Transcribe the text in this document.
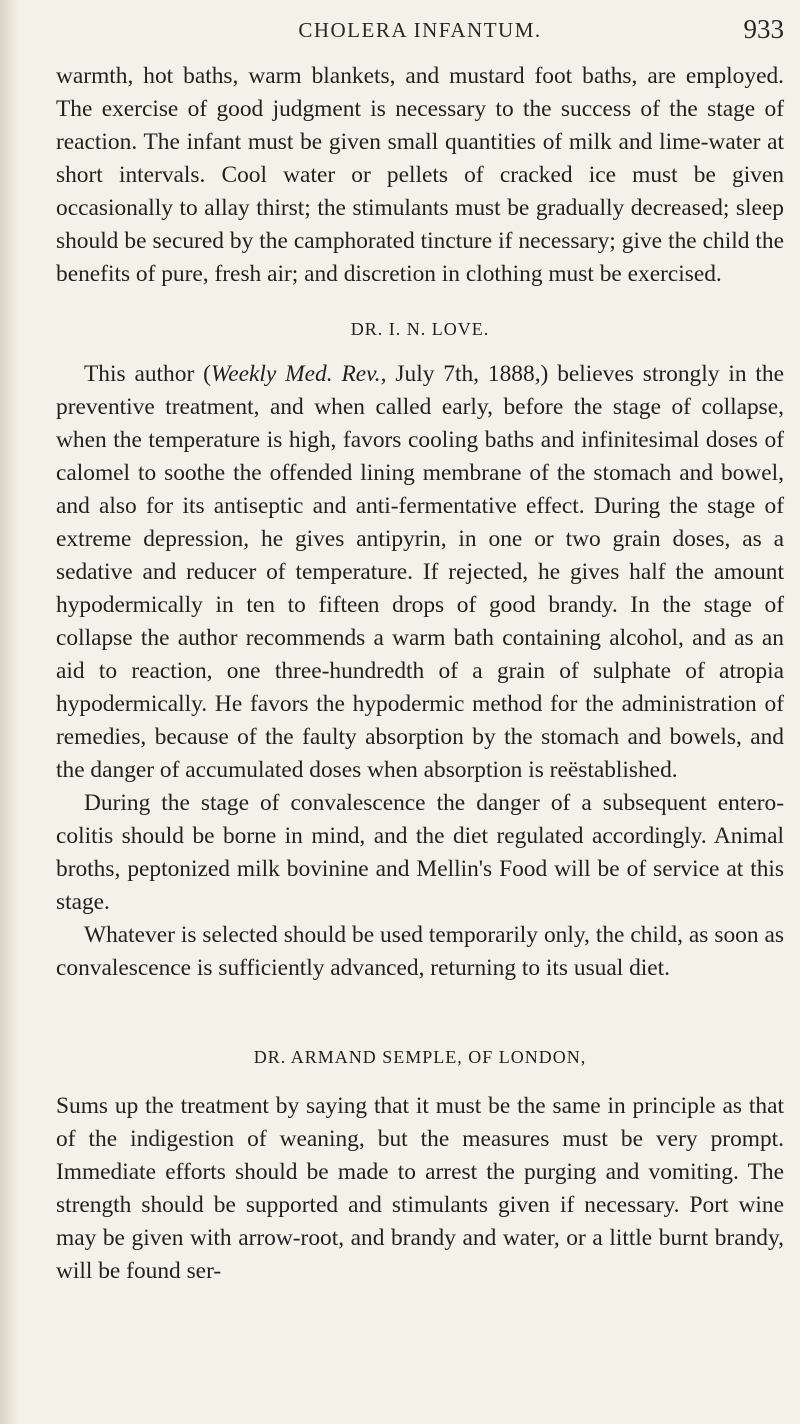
CHOLERA INFANTUM.	933

warmth, hot baths, warm blankets, and mustard foot baths, are employed. The exercise of good judgment is necessary to the success of the stage of reaction. The infant must be given small quantities of milk and lime-water at short intervals. Cool water or pellets of cracked ice must be given occasionally to allay thirst; the stimulants must be gradually decreased; sleep should be secured by the camphorated tincture if necessary; give the child the benefits of pure, fresh air; and discretion in clothing must be exercised.

DR. I. N. LOVE.

This author (Weekly Med. Rev., July 7th, 1888,) believes strongly in the preventive treatment, and when called early, before the stage of collapse, when the temperature is high, favors cooling baths and infinitesimal doses of calomel to soothe the offended lining membrane of the stomach and bowel, and also for its antiseptic and anti-fermentative effect. During the stage of extreme depression, he gives antipyrin, in one or two grain doses, as a sedative and reducer of temperature. If rejected, he gives half the amount hypodermically in ten to fifteen drops of good brandy. In the stage of collapse the author recommends a warm bath containing alcohol, and as an aid to reaction, one three-hundredth of a grain of sulphate of atropia hypodermically. He favors the hypodermic method for the administration of remedies, because of the faulty absorption by the stomach and bowels, and the danger of accumulated doses when absorption is reëstablished.

During the stage of convalescence the danger of a subsequent entero-colitis should be borne in mind, and the diet regulated accordingly. Animal broths, peptonized milk bovinine and Mellin's Food will be of service at this stage.

Whatever is selected should be used temporarily only, the child, as soon as convalescence is sufficiently advanced, returning to its usual diet.

DR. ARMAND SEMPLE, OF LONDON,

Sums up the treatment by saying that it must be the same in principle as that of the indigestion of weaning, but the measures must be very prompt. Immediate efforts should be made to arrest the purging and vomiting. The strength should be supported and stimulants given if necessary. Port wine may be given with arrow-root, and brandy and water, or a little burnt brandy, will be found ser-
